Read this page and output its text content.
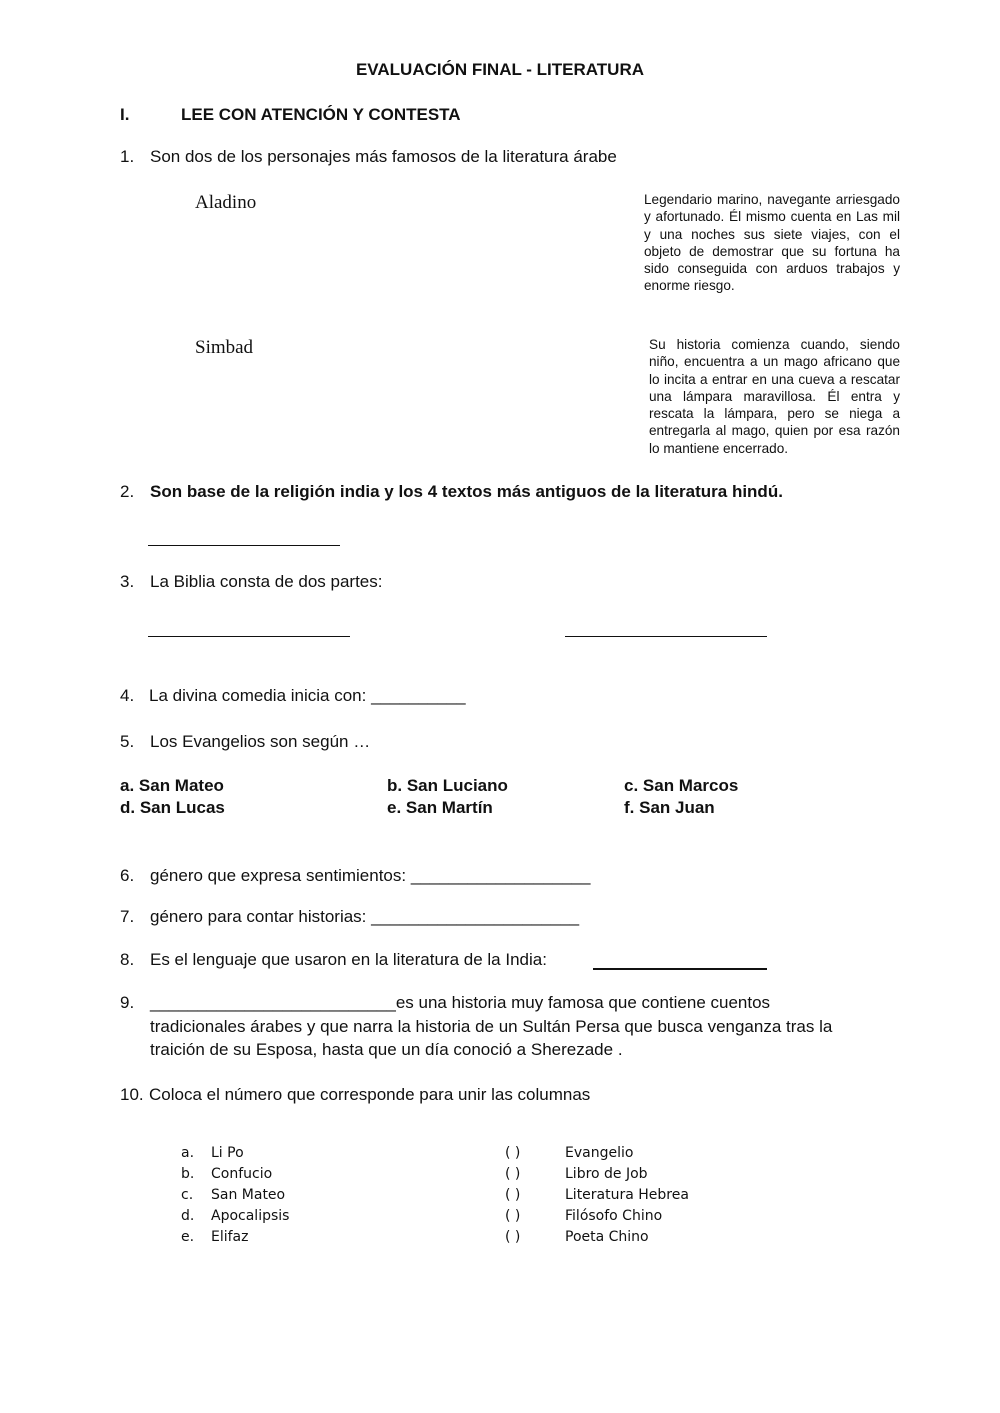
EVALUACIÓN FINAL - LITERATURA
I.	LEE CON ATENCIÓN Y CONTESTA
1. Son dos de los personajes más famosos de la literatura árabe
Aladino	Legendario marino, navegante arriesgado y afortunado. Él mismo cuenta en Las mil y una noches sus siete viajes, con el objeto de demostrar que su fortuna ha sido conseguida con arduos trabajos y enorme riesgo.
Simbad	Su historia comienza cuando, siendo niño, encuentra a un mago africano que lo incita a entrar en una cueva a rescatar una lámpara maravillosa. Él entra y rescata la lámpara, pero se niega a entregarla al mago, quien por esa razón lo mantiene encerrado.
2. Son base de la religión india y los 4 textos más antiguos de la literatura hindú.
3. La Biblia consta de dos partes:
4. La divina comedia inicia con: __________
5. Los Evangelios son según …
a. San Mateo	b. San Luciano	c. San Marcos
d. San Lucas	e. San Martín	f. San Juan
6. género que expresa sentimientos: ___________________
7. género para contar historias: ______________________
8. Es el lenguaje que usaron en la literatura de la India:
9. __________________________es una historia muy famosa que contiene cuentos
tradicionales árabes y que narra la historia de un Sultán Persa que busca venganza tras la
traición de su Esposa, hasta que un día conoció a Sherezade .
10. Coloca el número que corresponde para unir las columnas
a. Li Po	( )	Evangelio
b. Confucio	( )	Libro de Job
c. San Mateo	( )	Literatura Hebrea
d. Apocalipsis	( )	Filósofo Chino
e. Elifaz	( )	Poeta Chino
